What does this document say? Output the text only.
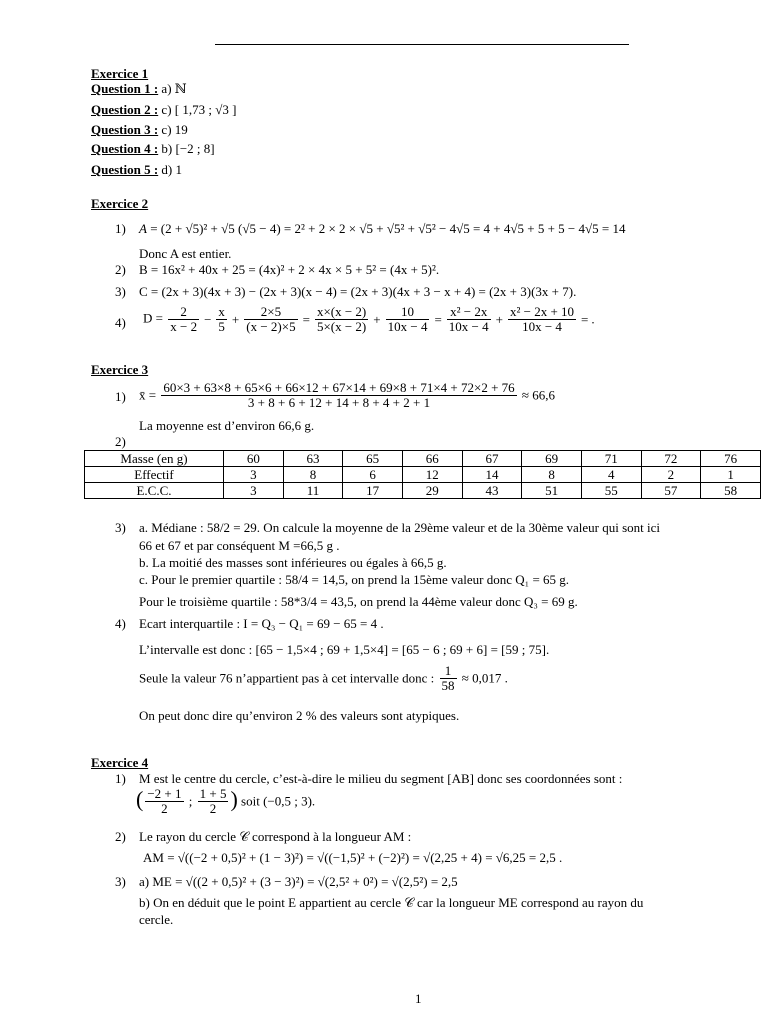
Exercice 1
Question 1 : a) ℕ
Question 2 : c) [ 1,73 ; √3 ]
Question 3 : c) 19
Question 4 : b) [−2 ; 8]
Question 5 : d) 1
Exercice 2
1) A = (2 + √5)² + √5 (√5 − 4) = 2² + 2 × 2 × √5 + √5² + √5² − 4√5 = 4 + 4√5 + 5 + 5 − 4√5 = 14
Donc A est entier.
2) B = 16x² + 40x + 25 = (4x)² + 2 × 4x × 5 + 5² = (4x + 5)².
3) C = (2x + 3)(4x + 3) − (2x + 3)(x − 4) = (2x + 3)(4x + 3 − x + 4) = (2x + 3)(3x + 7).
4) $D = \frac{2}{x - 2} - \frac{x}{5} + \frac{2\times 5}{(x - 2)\times 5} = \frac{x\times(x - 2)}{5\times(x - 2)} + \frac{10}{10x - 4} = \frac{\text{x² − 2x}}{10x - 4} + \frac{\text{x² − 2x + 10}}{10x - 4}$ = .
Exercice 3
1) x̄ = $\frac{60\times 3 + 63\times 8 + 65\times 6 + 66\times 12 + 67\times 14 + 69\times 8 + 71\times 4 + 72\times 2 + 76}{3 + 8 + 6 + 12 + 14 + 8 + 4 + 2 + 1} \approx 66,6$
La moyenne est d’environ 66,6 g.
2)
Masse (en g)	60	63	65	66	67	69	71	72	76
Effectif	3	8	6	12	14	8	4	2	1
E.C.C.	3	11	17	29	43	51	55	57	58
3) a. Médiane : 58/2 = 29. On calcule la moyenne de la 29ème valeur et de la 30ème valeur qui sont ici
66 et 67 et par conséquent M =66,5 g .
b. La moitié des masses sont inférieures ou égales à 66,5 g.
c. Pour le premier quartile : 58/4 = 14,5, on prend la 15ème valeur donc Q₁ = 65 g.
Pour le troisième quartile : 58*3/4 = 43,5, on prend la 44ème valeur donc Q₃ = 69 g.
4) Ecart interquartile : I = Q₃ − Q₁ = 69 − 65 = 4 .
L’intervalle est donc : [65 − 1,5×4 ; 69 + 1,5×4] = [65 − 6 ; 69 + 6] = [59 ; 75].
Seule la valeur 76 n’appartient pas à cet intervalle donc : $\frac{1}{58} \approx 0,017$ .
On peut donc dire qu’environ 2 % des valeurs sont atypiques.
Exercice 4
1) M est le centre du cercle, c’est-à-dire le milieu du segment [AB] donc ses coordonnées sont :
( $\frac{-2 + 1}{2}$ ; $\frac{1 + 5}{2}$ ) soit (−0,5 ; 3).
2) Le rayon du cercle 𝒞 correspond à la longueur AM :
AM = √((−2 + 0,5)² + (1 − 3)²) = √((−1,5)² + (−2)²) = √(2,25 + 4) = √6,25 = 2,5 .
3) a) ME = √((2 + 0,5)² + (3 − 3)²) = √(2,5² + 0²) = √(2,5²) = 2,5
b) On en déduit que le point E appartient au cercle 𝒞 car la longueur ME correspond au rayon du
cercle.
1
